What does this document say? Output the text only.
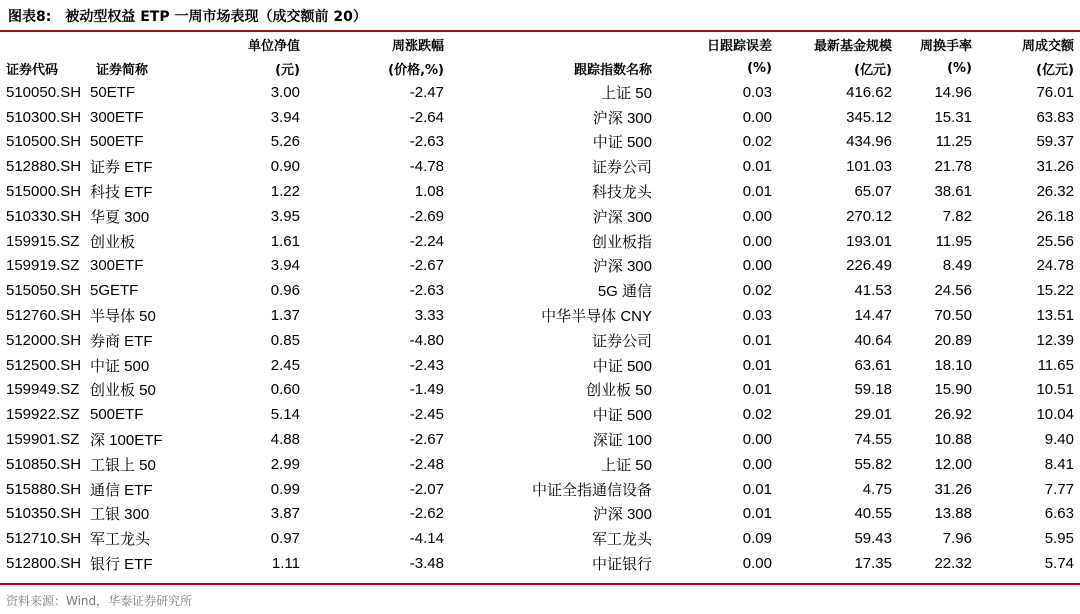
图表8: 被动型权益 ETP 一周市场表现（成交额前 20）
		单位净值	周涨跌幅		日跟踪误差	最新基金规模	周换手率	周成交额
证券代码	证券简称	(元)	(价格,%)	跟踪指数名称	(%)	(亿元)	(%)	(亿元)
510050.SH	50ETF	3.00	-2.47	上证 50	0.03	416.62	14.96	76.01
510300.SH	300ETF	3.94	-2.64	沪深 300	0.00	345.12	15.31	63.83
510500.SH	500ETF	5.26	-2.63	中证 500	0.02	434.96	11.25	59.37
512880.SH	证券 ETF	0.90	-4.78	证券公司	0.01	101.03	21.78	31.26
515000.SH	科技 ETF	1.22	1.08	科技龙头	0.01	65.07	38.61	26.32
510330.SH	华夏 300	3.95	-2.69	沪深 300	0.00	270.12	7.82	26.18
159915.SZ	创业板	1.61	-2.24	创业板指	0.00	193.01	11.95	25.56
159919.SZ	300ETF	3.94	-2.67	沪深 300	0.00	226.49	8.49	24.78
515050.SH	5GETF	0.96	-2.63	5G 通信	0.02	41.53	24.56	15.22
512760.SH	半导体 50	1.37	3.33	中华半导体 CNY	0.03	14.47	70.50	13.51
512000.SH	券商 ETF	0.85	-4.80	证券公司	0.01	40.64	20.89	12.39
512500.SH	中证 500	2.45	-2.43	中证 500	0.01	63.61	18.10	11.65
159949.SZ	创业板 50	0.60	-1.49	创业板 50	0.01	59.18	15.90	10.51
159922.SZ	500ETF	5.14	-2.45	中证 500	0.02	29.01	26.92	10.04
159901.SZ	深 100ETF	4.88	-2.67	深证 100	0.00	74.55	10.88	9.40
510850.SH	工银上 50	2.99	-2.48	上证 50	0.00	55.82	12.00	8.41
515880.SH	通信 ETF	0.99	-2.07	中证全指通信设备	0.01	4.75	31.26	7.77
510350.SH	工银 300	3.87	-2.62	沪深 300	0.01	40.55	13.88	6.63
512710.SH	军工龙头	0.97	-4.14	军工龙头	0.09	59.43	7.96	5.95
512800.SH	银行 ETF	1.11	-3.48	中证银行	0.00	17.35	22.32	5.74
资料来源：Wind，华泰证券研究所
